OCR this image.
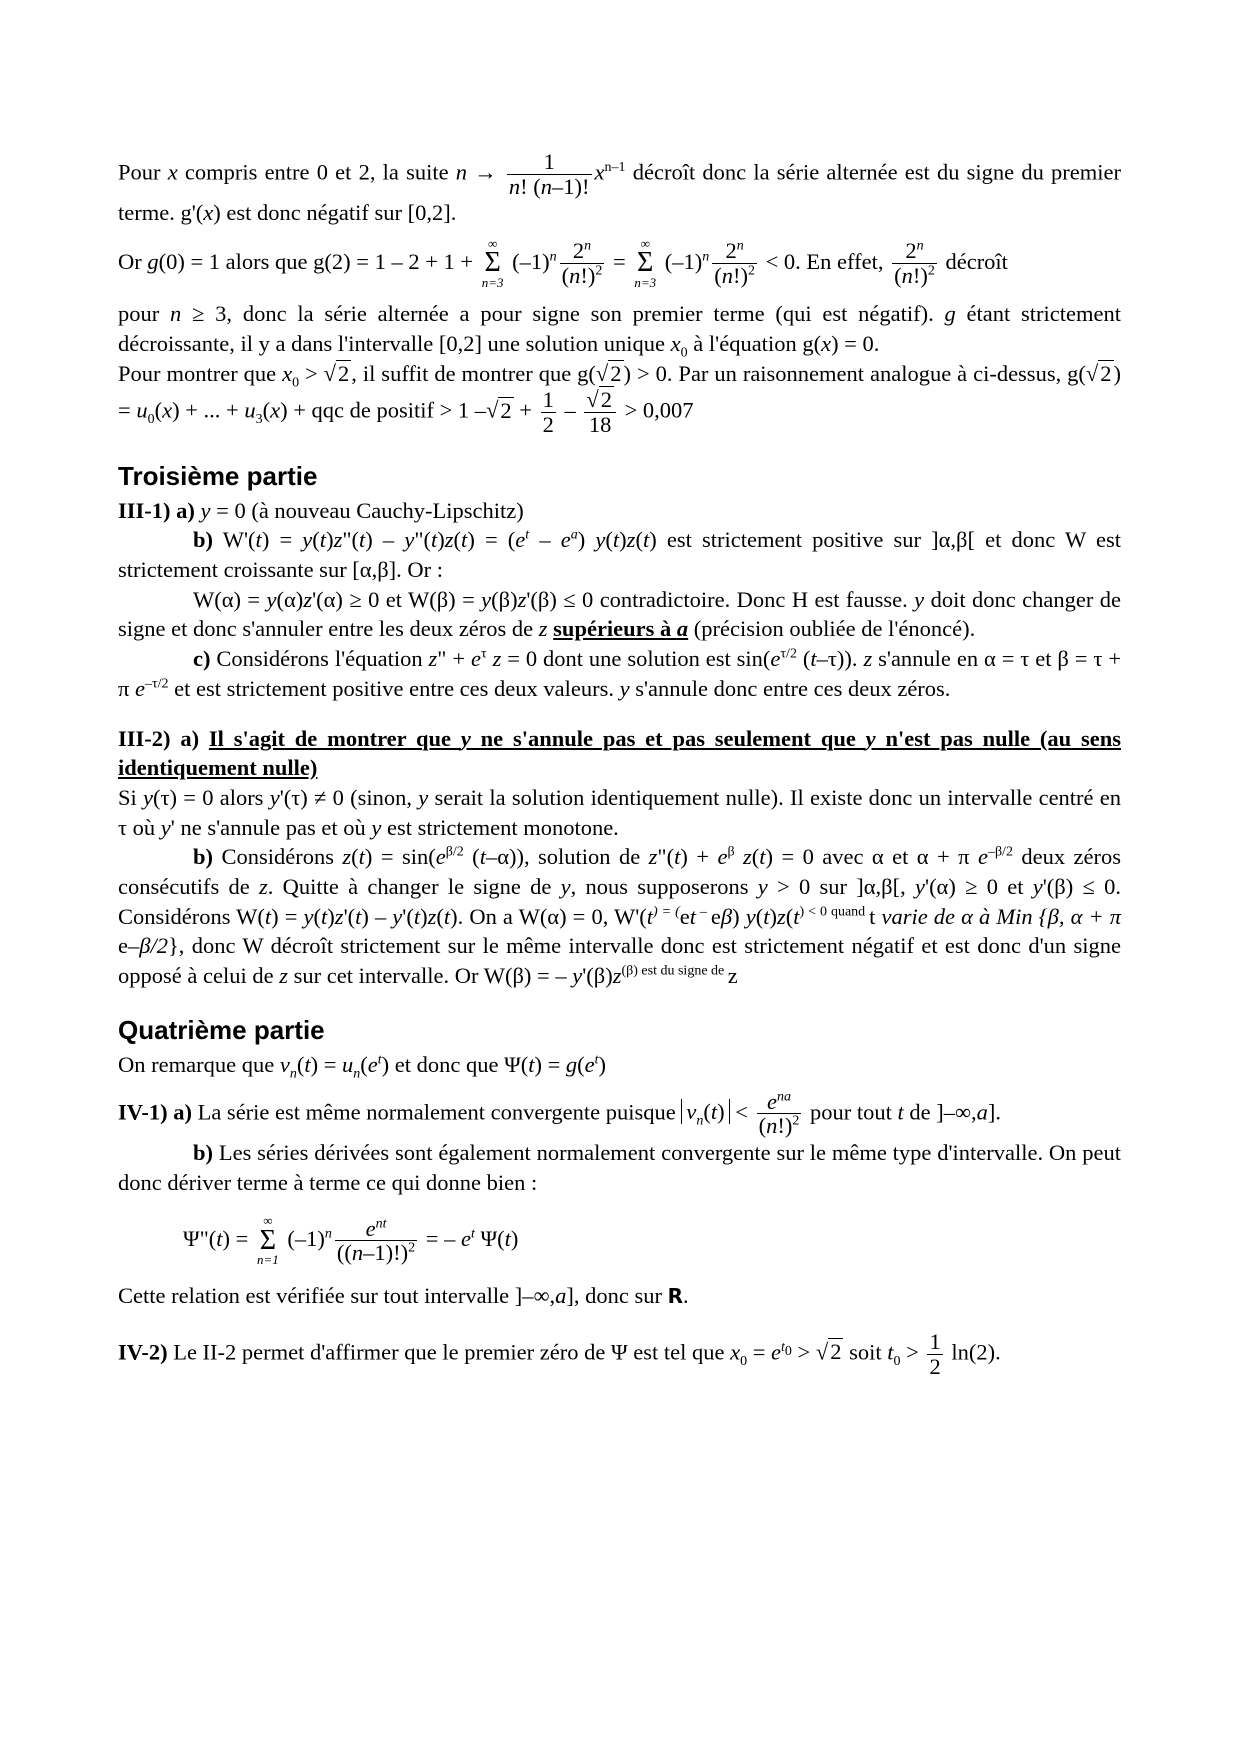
Pour x compris entre 0 et 2, la suite $n \to \frac{1}{n! (n-1)!} x^{n-1}$ décroît donc la série alternée est du signe du premier terme. g'(x) est donc négatif sur [0,2].

Or g(0) = 1 alors que g(2) = 1 – 2 + 1 +
∞
Σ
n=3
$(-1)^n \frac{2^n}{(n!)^2}$ =
∞
Σ
n=3
$(-1)^n \frac{2^n}{(n!)^2} < 0$. En effet, $\frac{2^n}{(n!)^2}$ décroît

pour n ≥ 3, donc la série alternée a pour signe son premier terme (qui est négatif). g étant strictement décroissante, il y a dans l'intervalle [0,2] une solution unique $x_0$ à l'équation g(x) = 0.

Pour montrer que $x_0 > √2$, il suffit de montrer que g(√2) > 0. Par un raisonnement analogue à ci-dessus, $g(√2) = u_0(x)$ + ... + $u_3(x)$ + qqc de positif > 1 $-√2 + \frac{1}{2} - \frac{√2}{18} > 0,007$

Troisième partie

III-1) a) y = 0 (à nouveau Cauchy-Lipschitz)

b) W'(t) = y(t)z"(t) – y"(t)z(t) = $(e^t - e^a)$ y(t)z(t) est strictement positive sur ]α,β[ et donc W est strictement croissante sur [α,β]. Or :

W(α) = y(α)z'(α) ≥ 0 et W(β) = y(β)z'(β) ≤ 0 contradictoire. Donc H est fausse. y doit donc changer de signe et donc s'annuler entre les deux zéros de z supérieurs à a (précision oubliée de l'énoncé).

c) Considérons l'équation z" + $e^\tau$ z = 0 dont une solution est $\sin(e^{\tau/2}$ (t–τ)). z s'annule en α = τ et β = τ + π $e^{-\tau/2}$ et est strictement positive entre ces deux valeurs. y s'annule donc entre ces deux zéros.

III-2) a) Il s'agit de montrer que y ne s'annule pas et pas seulement que y n'est pas nulle (au sens identiquement nulle)

Si y(τ) = 0 alors y'(τ) ≠ 0 (sinon, y serait la solution identiquement nulle). Il existe donc un intervalle centré en τ où y' ne s'annule pas et où y est strictement monotone.

b) Considérons $z(t) = \sin(e^{\beta/2}$ (t–α)), solution de z"(t) + $e^\beta$ z(t) = 0 avec α et α + π $e^{-\beta/2}$ deux zéros consécutifs de z. Quitte à changer le signe de y, nous supposerons y > 0 sur ]α,β[, y'(α) ≥ 0 et y'(β) ≤ 0. Considérons W(t) = y(t)z'(t) – y'(t)z(t). On a W(α) = 0, W'(t) = (et – eβ) $y(t)z(t^{) < 0 quand}$ t varie de α à Min {β, α + π e–β/2}, donc W décroît strictement sur le même intervalle donc est strictement négatif et est donc d'un signe opposé à celui de z sur cet intervalle. Or W(β) = – $y'(\beta)z^{(\beta) est du signe de}$ z

Quatrième partie

On remarque que $v_n(t) = u_n(e^t)$ et donc que $\Psi(t) = g(e^t)$

IV-1) a) La série est même normalement convergente puisque $v_n(t) < \frac{e^{na}}{(n!)^2}$ pour tout t de ]–∞,a].

b) Les séries dérivées sont également normalement convergente sur le même type d'intervalle. On peut donc dériver terme à terme ce qui donne bien :

Ψ"(t) =
∞
Σ
n=1
$(-1)^n \frac{e^{nt}}{((n-1)!)^2}$ = – $e^t$ Ψ(t)

Cette relation est vérifiée sur tout intervalle ]–∞,a], donc sur R.

IV-2) Le II-2 permet d'affirmer que le premier zéro de Ψ est tel que $x_0 = e^{t_0} > √2$ soit $t_0 > \frac{1}{2} \ln(2)$.
